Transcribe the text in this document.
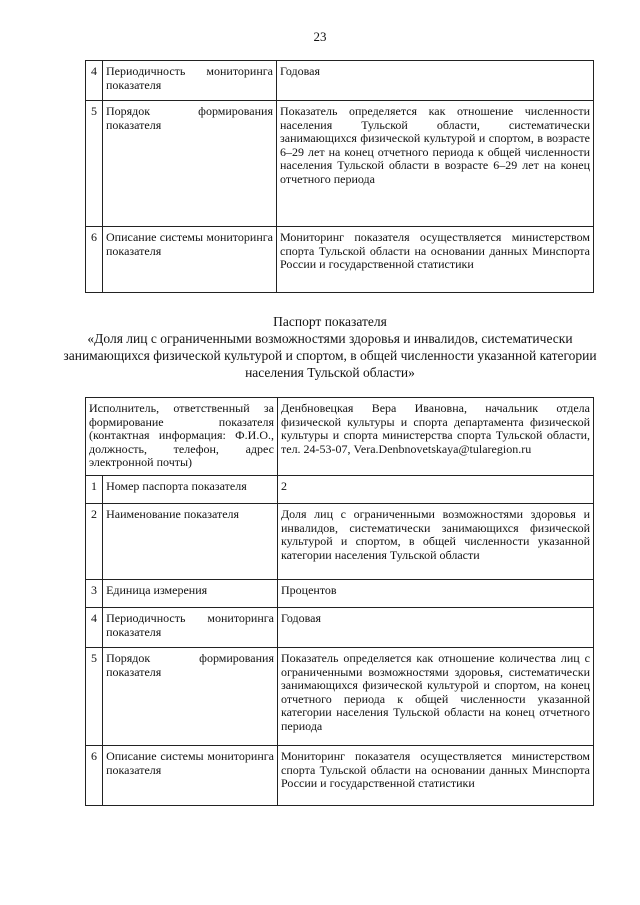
23
4	Периодичность мониторинга показателя	Годовая
5	Порядок формирования показателя	Показатель определяется как отношение численности населения Тульской области, систематически занимающихся физической культурой и спортом, в возрасте 6–29 лет на конец отчетного периода к общей численности населения Тульской области в возрасте 6–29 лет на конец отчетного периода
6	Описание системы мониторинга показателя	Мониторинг показателя осуществляется министерством спорта Тульской области на основании данных Минспорта России и государственной статистики
Паспорт показателя
«Доля лиц с ограниченными возможностями здоровья и инвалидов, систематически занимающихся физической культурой и спортом, в общей численности указанной категории населения Тульской области»
Исполнитель, ответственный за формирование показателя (контактная информация: Ф.И.О., должность, телефон, адрес электронной почты)		Денбновецкая Вера Ивановна, начальник отдела физической культуры и спорта департамента физической культуры и спорта министерства спорта Тульской области, тел. 24-53-07, Vera.Denbnovetskaya@tularegion.ru
1	Номер паспорта показателя	2
2	Наименование показателя	Доля лиц с ограниченными возможностями здоровья и инвалидов, систематически занимающихся физической культурой и спортом, в общей численности указанной категории населения Тульской области
3	Единица измерения	Процентов
4	Периодичность мониторинга показателя	Годовая
5	Порядок формирования показателя	Показатель определяется как отношение количества лиц с ограниченными возможностями здоровья, систематически занимающихся физической культурой и спортом, на конец отчетного периода к общей численности указанной категории населения Тульской области на конец отчетного периода
6	Описание системы мониторинга показателя	Мониторинг показателя осуществляется министерством спорта Тульской области на основании данных Минспорта России и государственной статистики
